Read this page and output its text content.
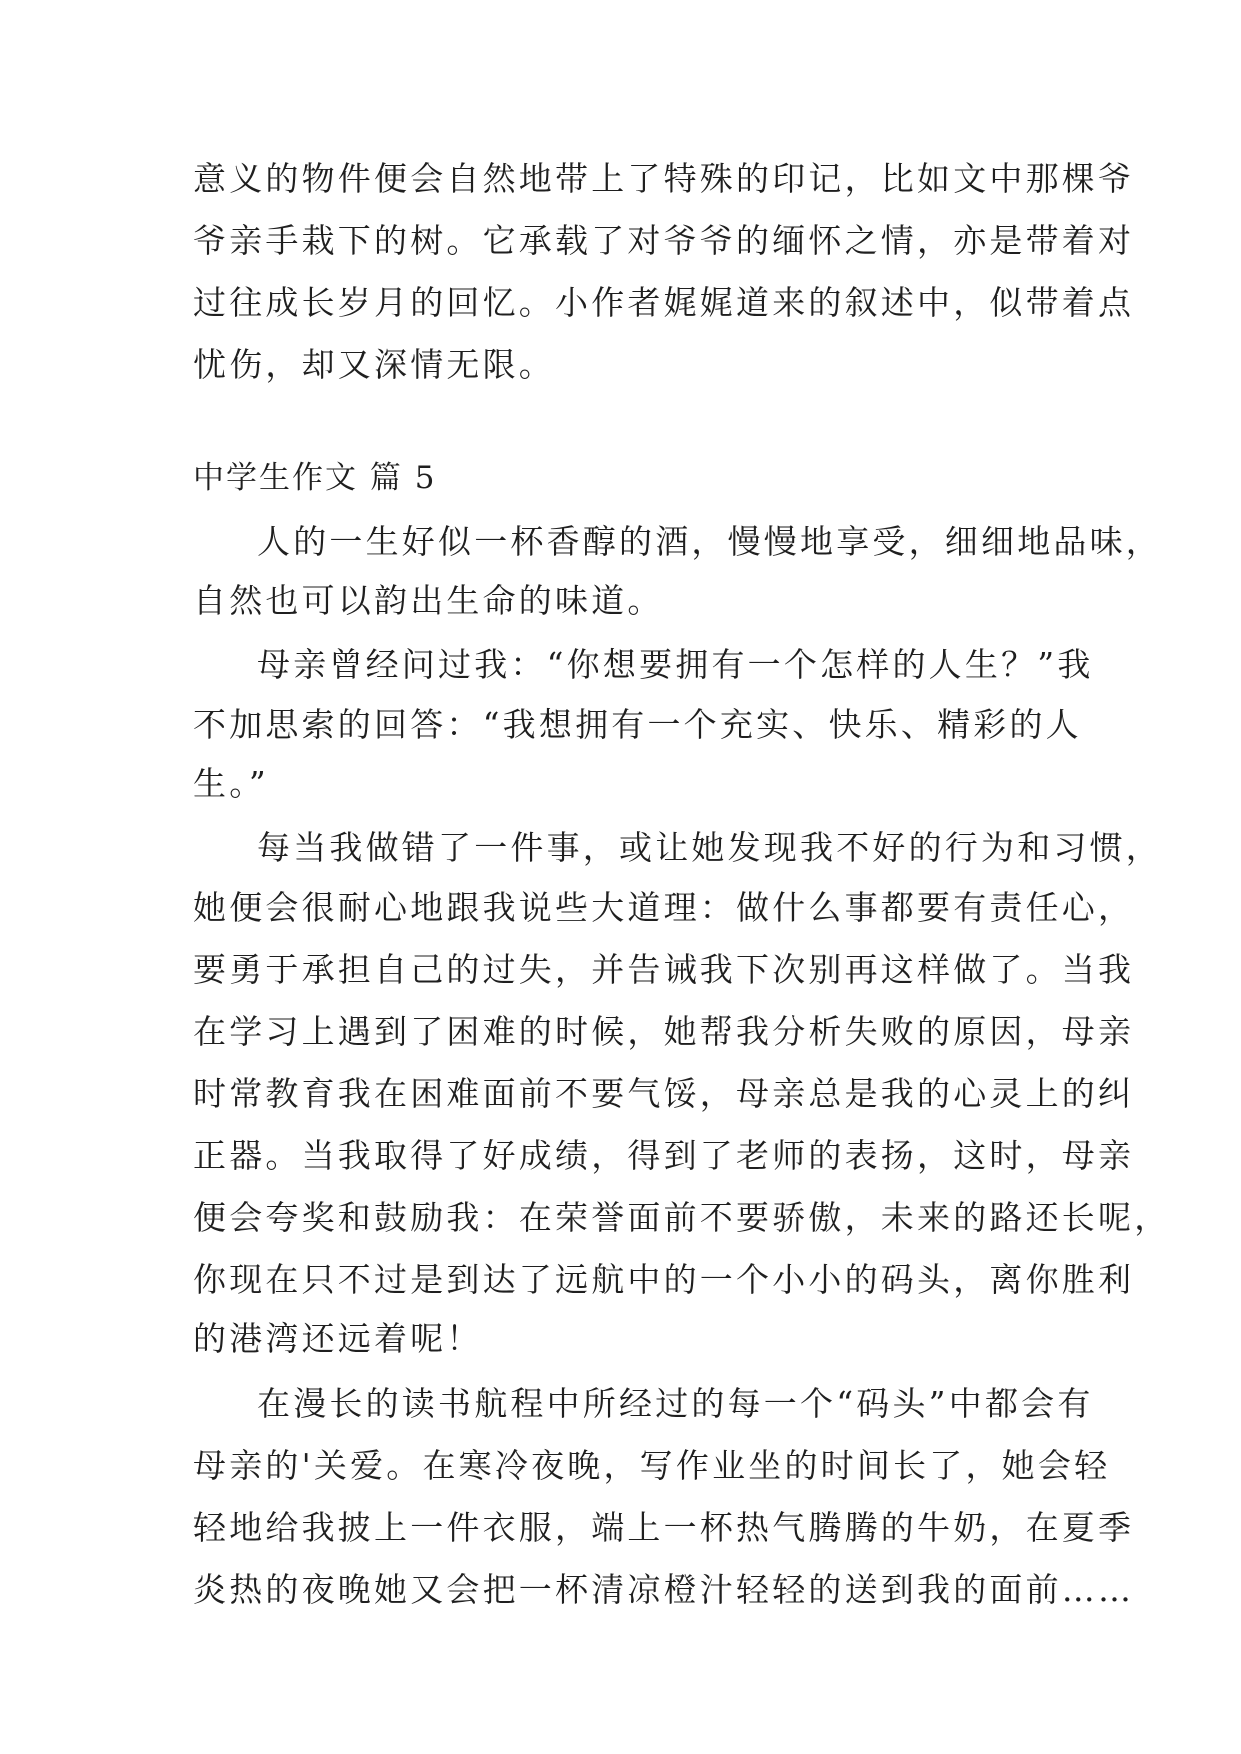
意义的物件便会自然地带上了特殊的印记，比如文中那棵爷
爷亲手栽下的树。它承载了对爷爷的缅怀之情，亦是带着对
过往成长岁月的回忆。小作者娓娓道来的叙述中，似带着点
忧伤，却又深情无限。
中学生作文 篇 5
人的一生好似一杯香醇的酒，慢慢地享受，细细地品味，
自然也可以韵出生命的味道。
母亲曾经问过我：“你想要拥有一个怎样的人生？”我
不加思索的回答：“我想拥有一个充实、快乐、精彩的人
生。”
每当我做错了一件事，或让她发现我不好的行为和习惯，
她便会很耐心地跟我说些大道理：做什么事都要有责任心，
要勇于承担自己的过失，并告诫我下次别再这样做了。当我
在学习上遇到了困难的时候，她帮我分析失败的原因，母亲
时常教育我在困难面前不要气馁，母亲总是我的心灵上的纠
正器。当我取得了好成绩，得到了老师的表扬，这时，母亲
便会夸奖和鼓励我：在荣誉面前不要骄傲，未来的路还长呢，
你现在只不过是到达了远航中的一个小小的码头，离你胜利
的港湾还远着呢！
在漫长的读书航程中所经过的每一个“码头”中都会有
母亲的'关爱。在寒冷夜晚，写作业坐的时间长了，她会轻
轻地给我披上一件衣服，端上一杯热气腾腾的牛奶，在夏季
炎热的夜晚她又会把一杯清凉橙汁轻轻的送到我的面前……
